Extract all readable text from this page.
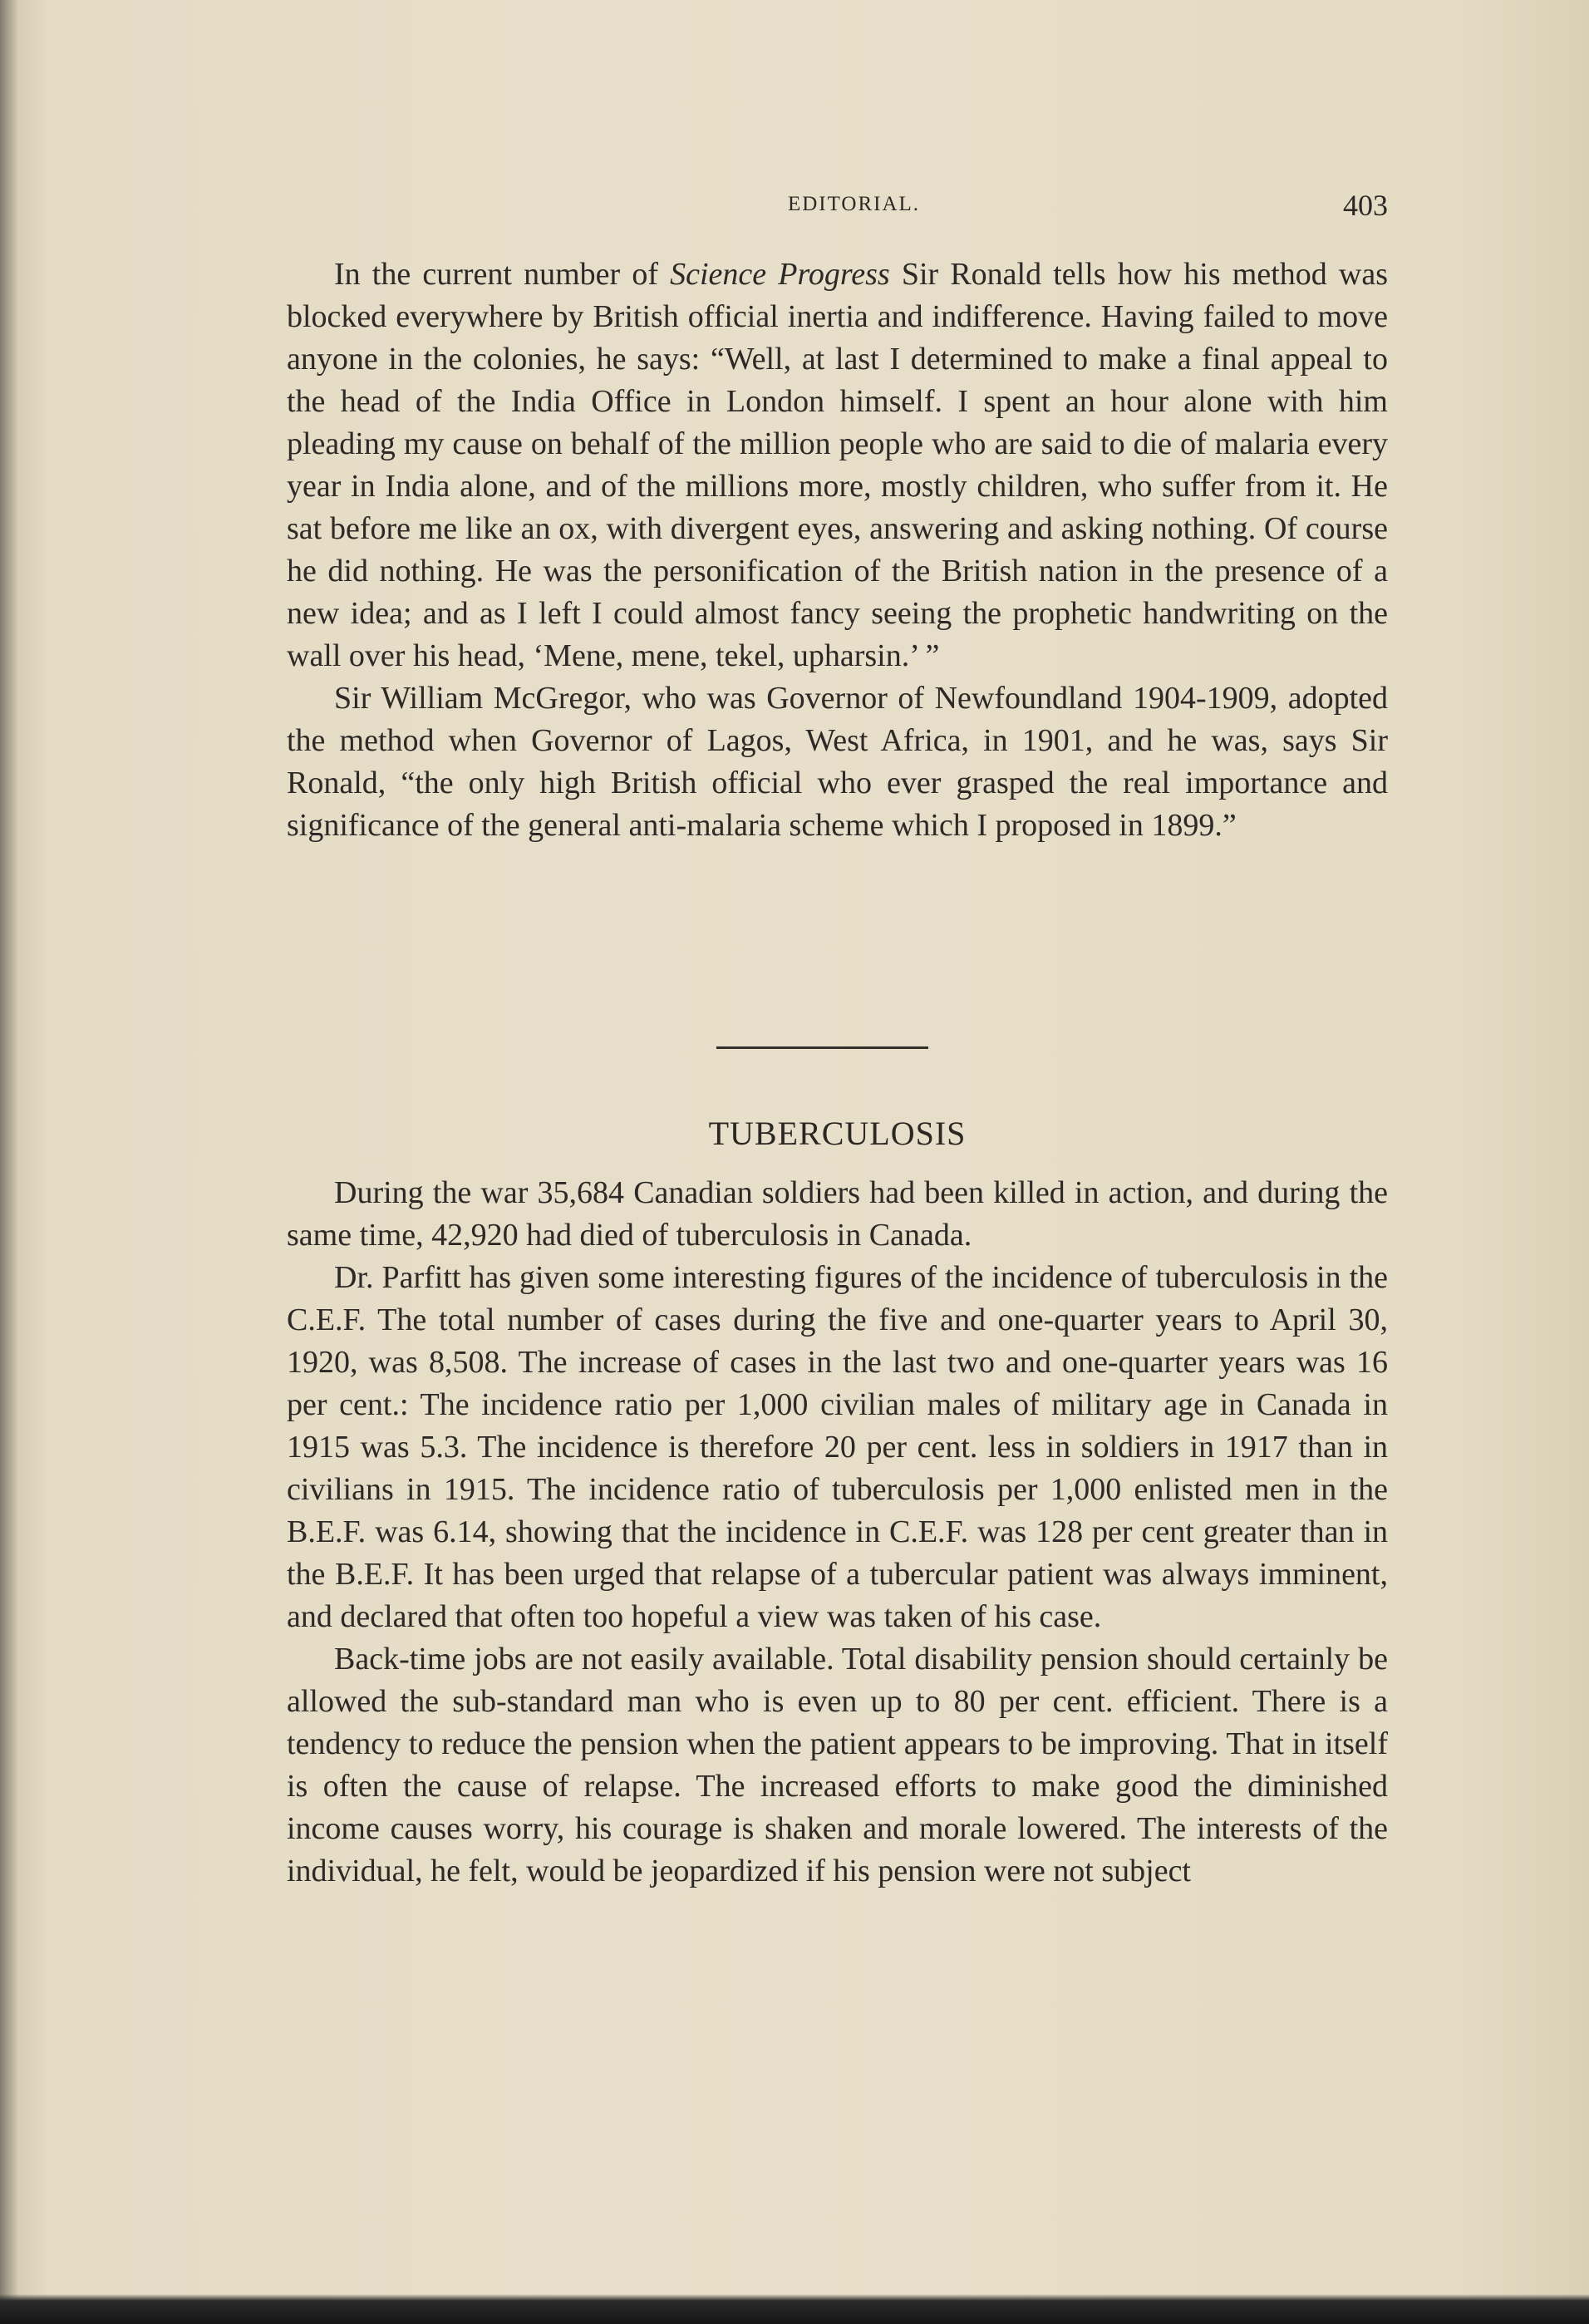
EDITORIAL.	403

In the current number of Science Progress Sir Ronald tells how his method was blocked everywhere by British official inertia and indifference. Having failed to move anyone in the colonies, he says: “Well, at last I determined to make a final appeal to the head of the India Office in London himself. I spent an hour alone with him pleading my cause on behalf of the million people who are said to die of malaria every year in India alone, and of the millions more, mostly children, who suffer from it. He sat before me like an ox, with divergent eyes, answering and asking nothing. Of course he did nothing. He was the personification of the British nation in the presence of a new idea; and as I left I could almost fancy seeing the prophetic handwriting on the wall over his head, ‘Mene, mene, tekel, upharsin.’ ”

Sir William McGregor, who was Governor of Newfoundland 1904-1909, adopted the method when Governor of Lagos, West Africa, in 1901, and he was, says Sir Ronald, “the only high British official who ever grasped the real importance and significance of the general anti-malaria scheme which I proposed in 1899.”

TUBERCULOSIS

During the war 35,684 Canadian soldiers had been killed in action, and during the same time, 42,920 had died of tuberculosis in Canada.

Dr. Parfitt has given some interesting figures of the incidence of tuberculosis in the C.E.F. The total number of cases during the five and one-quarter years to April 30, 1920, was 8,508. The increase of cases in the last two and one-quarter years was 16 per cent.: The incidence ratio per 1,000 civilian males of military age in Canada in 1915 was 5.3. The incidence is therefore 20 per cent. less in soldiers in 1917 than in civilians in 1915. The incidence ratio of tuberculosis per 1,000 enlisted men in the B.E.F. was 6.14, showing that the incidence in C.E.F. was 128 per cent greater than in the B.E.F. It has been urged that relapse of a tubercular patient was always imminent, and declared that often too hopeful a view was taken of his case.

Back-time jobs are not easily available. Total disability pension should certainly be allowed the sub-standard man who is even up to 80 per cent. efficient. There is a tendency to reduce the pension when the patient appears to be improving. That in itself is often the cause of relapse. The increased efforts to make good the diminished income causes worry, his courage is shaken and morale lowered. The interests of the individual, he felt, would be jeopardized if his pension were not subject
